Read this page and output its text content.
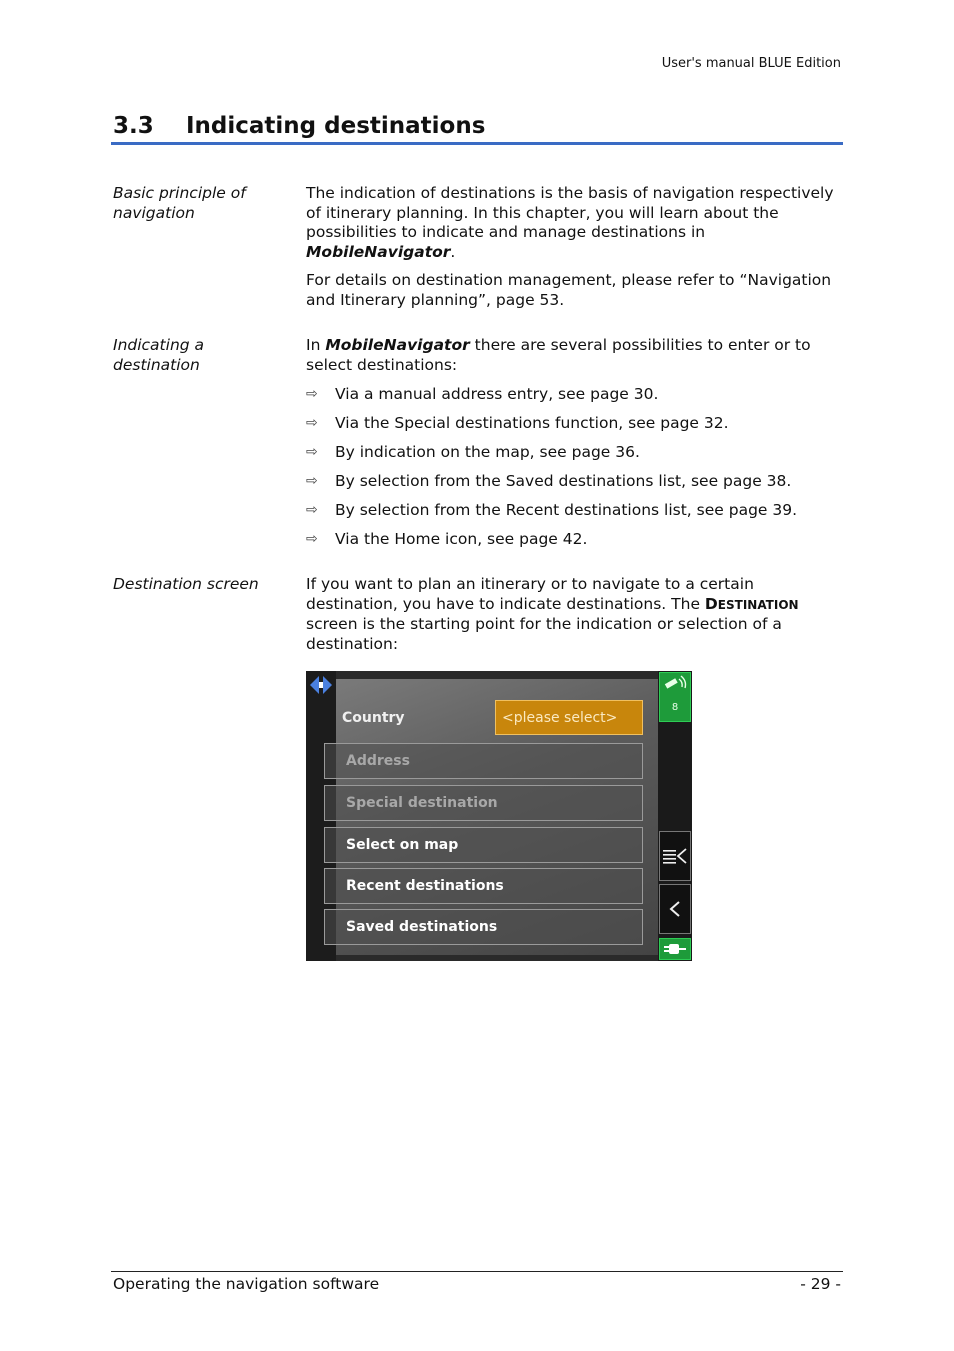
User's manual BLUE Edition
3.3 Indicating destinations
Basic principle of navigation

The indication of destinations is the basis of navigation respectively of itinerary planning. In this chapter, you will learn about the possibilities to indicate and manage destinations in MobileNavigator.

For details on destination management, please refer to “Navigation and Itinerary planning”, page 53.

Indicating a destination

In MobileNavigator there are several possibilities to enter or to select destinations:

⇨	Via a manual address entry, see page 30.
⇨	Via the Special destinations function, see page 32.
⇨	By indication on the map, see page 36.
⇨	By selection from the Saved destinations list, see page 38.
⇨	By selection from the Recent destinations list, see page 39.
⇨	Via the Home icon, see page 42.
Destination screen	If you want to plan an itinerary or to navigate to a certain destination, you have to indicate destinations. The DESTINATION screen is the starting point for the indication or selection of a destination:

Country	<please select>
Address
Special destination
Select on map
Recent destinations
Saved destinations
8
Operating the navigation software	- 29 -
